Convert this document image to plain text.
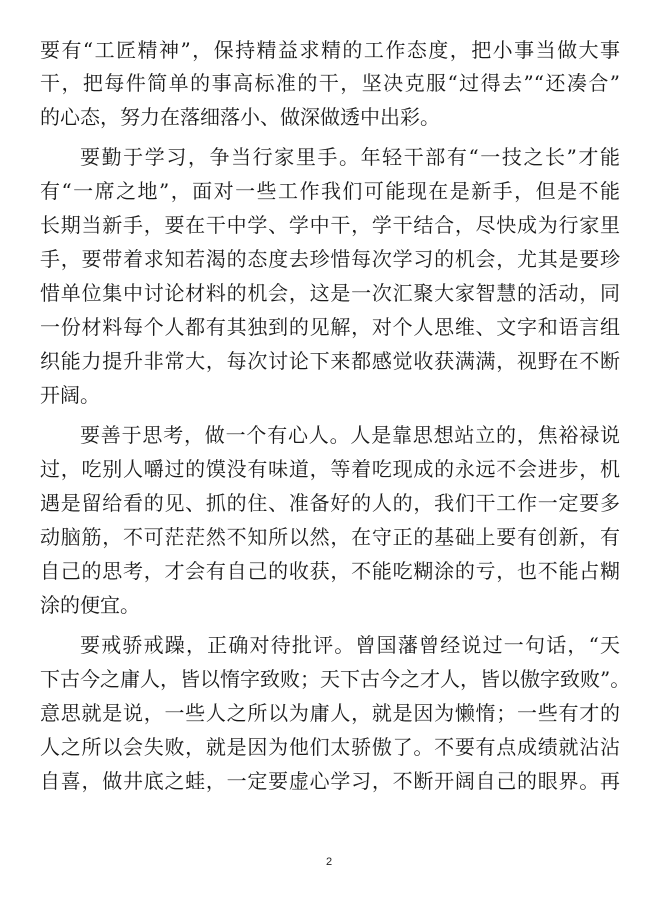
要有“工匠精神”，保持精益求精的工作态度，把小事当做大事
干，把每件简单的事高标准的干，坚决克服“过得去”“还凑合”
的心态，努力在落细落小、做深做透中出彩。
要勤于学习，争当行家里手。年轻干部有“一技之长”才能
有“一席之地”，面对一些工作我们可能现在是新手，但是不能
长期当新手，要在干中学、学中干，学干结合，尽快成为行家里
手，要带着求知若渴的态度去珍惜每次学习的机会，尤其是要珍
惜单位集中讨论材料的机会，这是一次汇聚大家智慧的活动，同
一份材料每个人都有其独到的见解，对个人思维、文字和语言组
织能力提升非常大，每次讨论下来都感觉收获满满，视野在不断
开阔。
要善于思考，做一个有心人。人是靠思想站立的，焦裕禄说
过，吃别人嚼过的馍没有味道，等着吃现成的永远不会进步，机
遇是留给看的见、抓的住、准备好的人的，我们干工作一定要多
动脑筋，不可茫茫然不知所以然，在守正的基础上要有创新，有
自己的思考，才会有自己的收获，不能吃糊涂的亏，也不能占糊
涂的便宜。
要戒骄戒躁，正确对待批评。曾国藩曾经说过一句话，“天
下古今之庸人，皆以惰字致败；天下古今之才人，皆以傲字致败”。
意思就是说，一些人之所以为庸人，就是因为懒惰；一些有才的
人之所以会失败，就是因为他们太骄傲了。不要有点成绩就沾沾
自喜，做井底之蛙，一定要虚心学习，不断开阔自己的眼界。再
2
